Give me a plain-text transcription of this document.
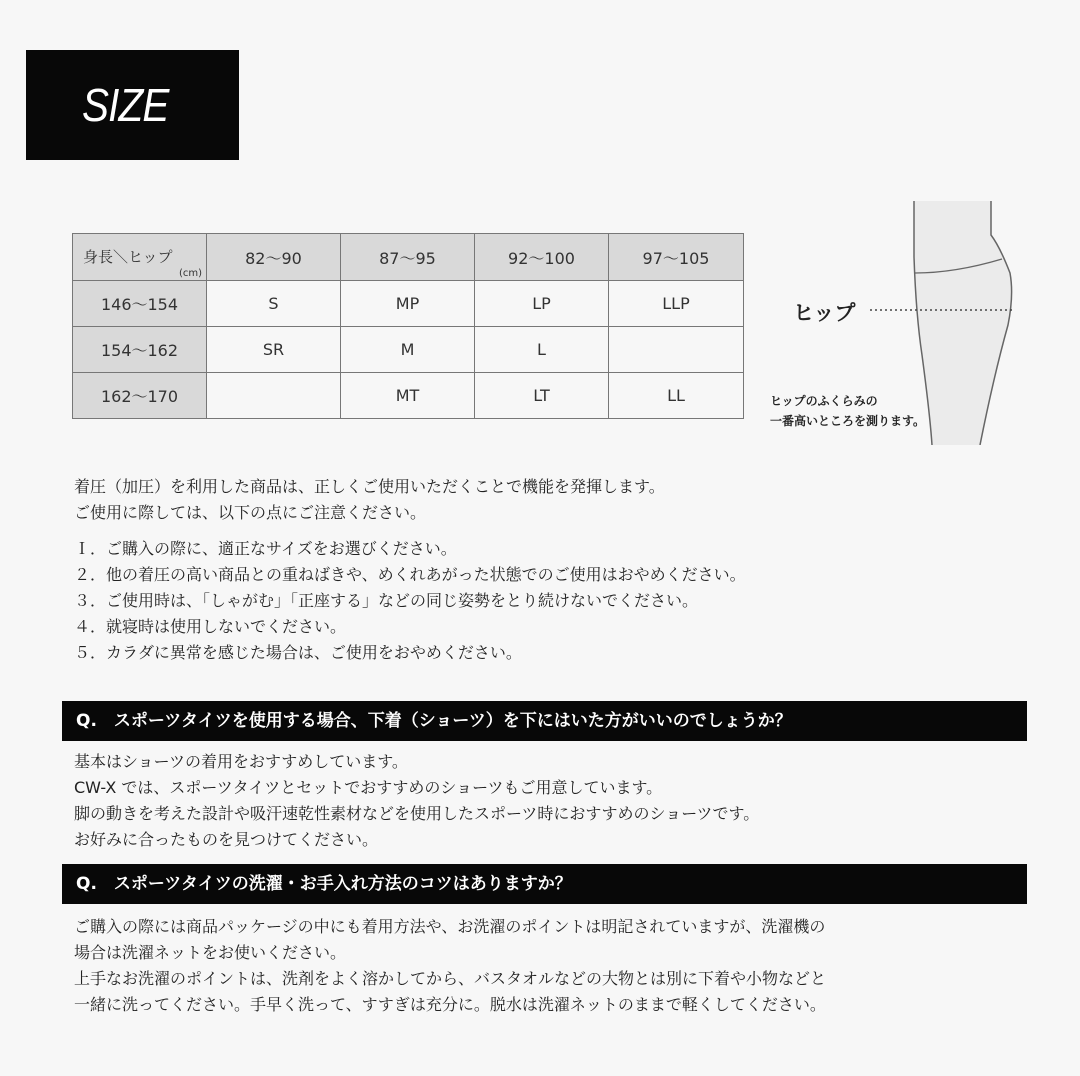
SIZE
身長＼ヒップ
(cm)	82〜90	87〜95	92〜100	97〜105
146〜154	S	MP	LP	LLP
154〜162	SR	M	L	
162〜170		MT	LT	LL
ヒップ
ヒップのふくらみの
一番高いところを測ります。
着圧（加圧）を利用した商品は、正しくご使用いただくことで機能を発揮します。
ご使用に際しては、以下の点にご注意ください。
Ｉ．ご購入の際に、適正なサイズをお選びください。
２．他の着圧の高い商品との重ねばきや、めくれあがった状態でのご使用はおやめください。
３．ご使用時は、「しゃがむ」「正座する」などの同じ姿勢をとり続けないでください。
４．就寝時は使用しないでください。
５．カラダに異常を感じた場合は、ご使用をおやめください。
Q.　スポーツタイツを使用する場合、下着（ショーツ）を下にはいた方がいいのでしょうか？
基本はショーツの着用をおすすめしています。
CW-X では、スポーツタイツとセットでおすすめのショーツもご用意しています。
脚の動きを考えた設計や吸汗速乾性素材などを使用したスポーツ時におすすめのショーツです。
お好みに合ったものを見つけてください。
Q.　スポーツタイツの洗濯・お手入れ方法のコツはありますか？
ご購入の際には商品パッケージの中にも着用方法や、お洗濯のポイントは明記されていますが、洗濯機の
場合は洗濯ネットをお使いください。
上手なお洗濯のポイントは、洗剤をよく溶かしてから、バスタオルなどの大物とは別に下着や小物などと
一緒に洗ってください。手早く洗って、すすぎは充分に。脱水は洗濯ネットのままで軽くしてください。
